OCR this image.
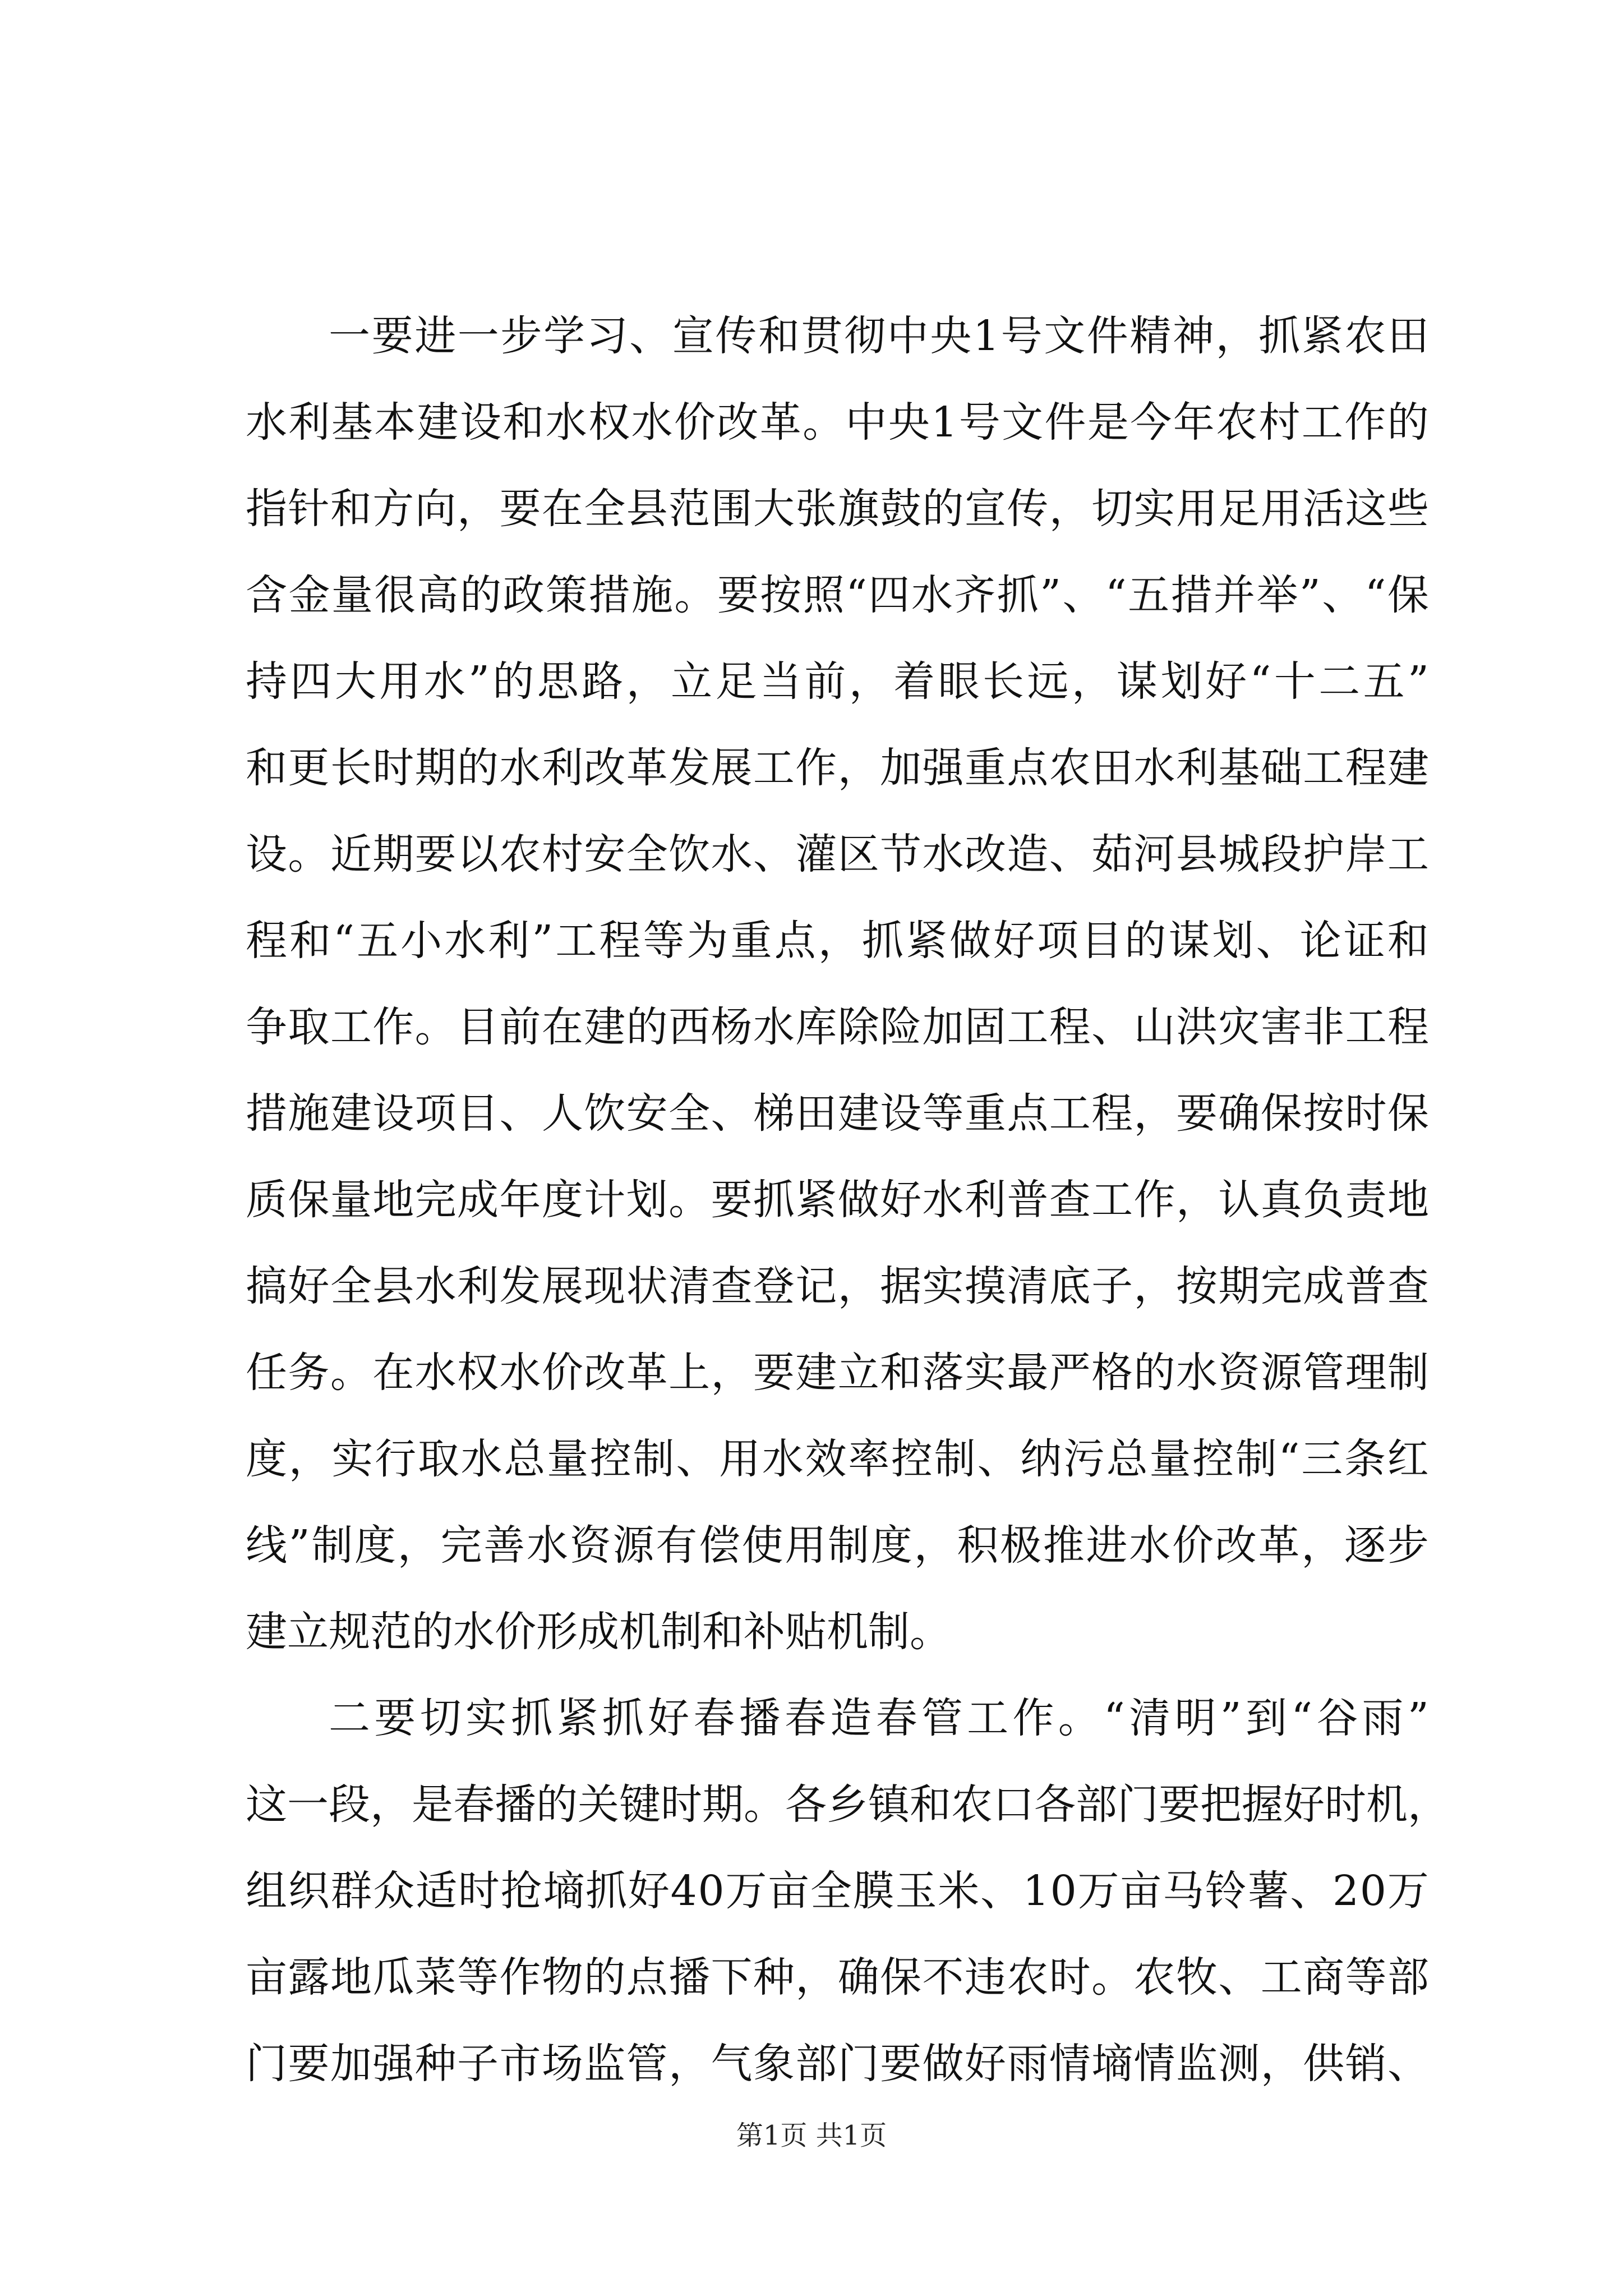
一 要 进 一 步 学 习 、 宣 传 和 贯 彻 中 央 1 号 文 件 精 神 ， 抓 紧 农 田
水 利 基 本 建 设 和 水 权 水 价 改 革 。 中 央 1 号 文 件 是 今 年 农 村 工 作 的
指 针 和 方 向 ， 要 在 全 县 范 围 大 张 旗 鼓 的 宣 传 ， 切 实 用 足 用 活 这 些
含 金 量 很 高 的 政 策 措 施 。 要 按 照 “ 四 水 齐 抓 ” 、 “ 五 措 并 举 ” 、 “ 保
持 四 大 用 水 ” 的 思 路 ， 立 足 当 前 ， 着 眼 长 远 ， 谋 划 好 “ 十 二 五 ”
和 更 长 时 期 的 水 利 改 革 发 展 工 作 ， 加 强 重 点 农 田 水 利 基 础 工 程 建
设 。 近 期 要 以 农 村 安 全 饮 水 、 灌 区 节 水 改 造 、 茹 河 县 城 段 护 岸 工
程 和 “ 五 小 水 利 ” 工 程 等 为 重 点 ， 抓 紧 做 好 项 目 的 谋 划 、 论 证 和
争 取 工 作 。 目 前 在 建 的 西 杨 水 库 除 险 加 固 工 程 、 山 洪 灾 害 非 工 程
措 施 建 设 项 目 、 人 饮 安 全 、 梯 田 建 设 等 重 点 工 程 ， 要 确 保 按 时 保
质 保 量 地 完 成 年 度 计 划 。 要 抓 紧 做 好 水 利 普 查 工 作 ， 认 真 负 责 地
搞 好 全 县 水 利 发 展 现 状 清 查 登 记 ， 据 实 摸 清 底 子 ， 按 期 完 成 普 查
任 务 。 在 水 权 水 价 改 革 上 ， 要 建 立 和 落 实 最 严 格 的 水 资 源 管 理 制
度 ， 实 行 取 水 总 量 控 制 、 用 水 效 率 控 制 、 纳 污 总 量 控 制 “ 三 条 红
线 ” 制 度 ， 完 善 水 资 源 有 偿 使 用 制 度 ， 积 极 推 进 水 价 改 革 ， 逐 步
建立规范的水价形成机制和补贴机制。
二 要 切 实 抓 紧 抓 好 春 播 春 造 春 管 工 作 。 “ 清 明 ” 到 “ 谷 雨 ”
这 一 段 ， 是 春 播 的 关 键 时 期 。 各 乡 镇 和 农 口 各 部 门 要 把 握 好 时 机 ，
组 织 群 众 适 时 抢 墒 抓 好 4 0 万 亩 全 膜 玉 米 、 1 0 万 亩 马 铃 薯 、 2 0 万
亩 露 地 瓜 菜 等 作 物 的 点 播 下 种 ， 确 保 不 违 农 时 。 农 牧 、 工 商 等 部
门 要 加 强 种 子 市 场 监 管 ， 气 象 部 门 要 做 好 雨 情 墒 情 监 测 ， 供 销 、
第1页 共1页
